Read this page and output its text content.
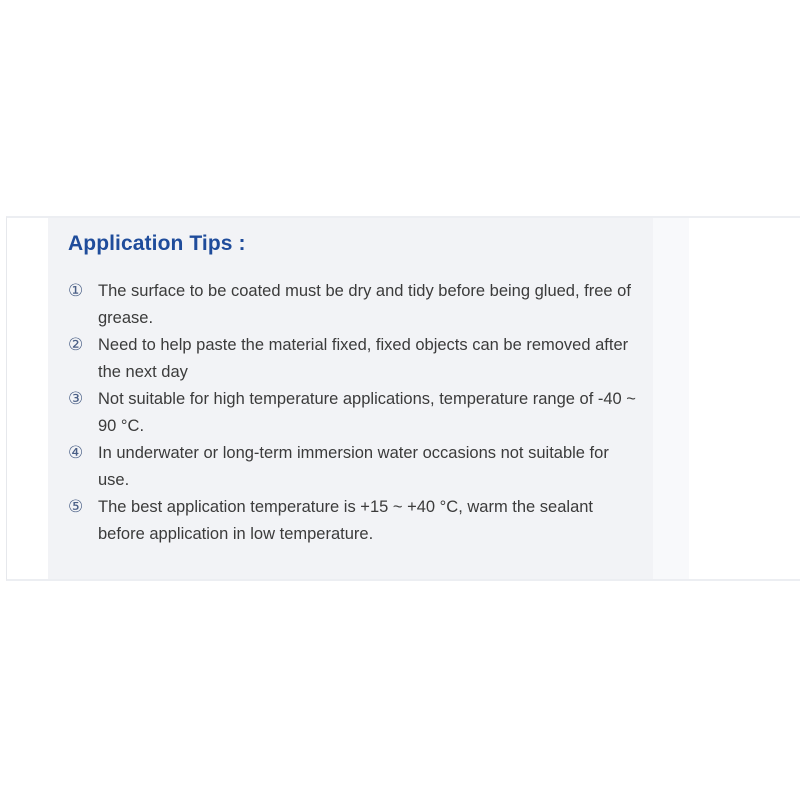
Application Tips :
① The surface to be coated must be dry and tidy before being glued, free of grease.
② Need to help paste the material fixed, fixed objects can be removed after the next day
③ Not suitable for high temperature applications, temperature range of -40 ~ 90 °C.
④ In underwater or long-term immersion water occasions not suitable for use.
⑤ The best application temperature is +15 ~ +40 °C, warm the sealant before application in low temperature.
